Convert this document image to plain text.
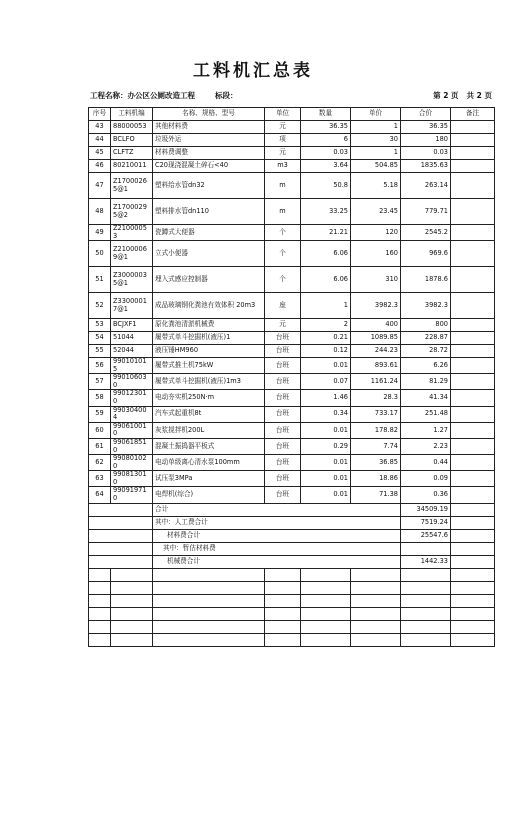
工料机汇总表
工程名称：办公区公厕改造工程	标段：	第 2 页 共 2 页
序号	工料机编	名称、规格、型号	单位	数量	单价	合价	备注
43	88000053	其他材料费	元	36.35	1	36.35	
44	BCLFO	垃圾外运	项	6	30	180	
45	CLFTZ	材料费调整	元	0.03	1	0.03	
46	80210011	C20现浇混凝土碎石<40	m3	3.64	504.85	1835.63	
47	Z17000265@1	塑料给水管dn32	m	50.8	5.18	263.14	
48	Z17000295@2	塑料排水管dn110	m	33.25	23.45	779.71	
49	Z21000053	瓷蹲式大便器	个	21.21	120	2545.2	
50	Z21000069@1	立式小便器	个	6.06	160	969.6	
51	Z30000035@1	埋入式感应控制器	个	6.06	310	1878.6	
52	Z33000017@1	成品玻璃钢化粪池有效体积 20m3	座	1	3982.3	3982.3	
53	BCJXF1	原化粪池清淤机械费	元	2	400	800	
54	51044	履带式单斗挖掘机(液压)1	台班	0.21	1089.85	228.87	
55	52044	液压锤HM960	台班	0.12	244.23	28.72	
56	990101015	履带式推土机75kW	台班	0.01	893.61	6.26	
57	990106030	履带式单斗挖掘机(液压)1m3	台班	0.07	1161.24	81.29	
58	990123010	电动夯实机250N·m	台班	1.46	28.3	41.34	
59	990304004	汽车式起重机8t	台班	0.34	733.17	251.48	
60	990610010	灰浆搅拌机200L	台班	0.01	178.82	1.27	
61	990618510	混凝土振捣器平板式	台班	0.29	7.74	2.23	
62	990801020	电动单级离心清水泵100mm	台班	0.01	36.85	0.44	
63	990813010	试压泵3MPa	台班	0.01	18.86	0.09	
64	990919710	电焊机(综合)	台班	0.01	71.38	0.36	
		合计				34509.19	
		其中：人工费合计				7519.24	
		材料费合计				25547.6	
		其中：暂估材料费					
		机械费合计				1442.33	
